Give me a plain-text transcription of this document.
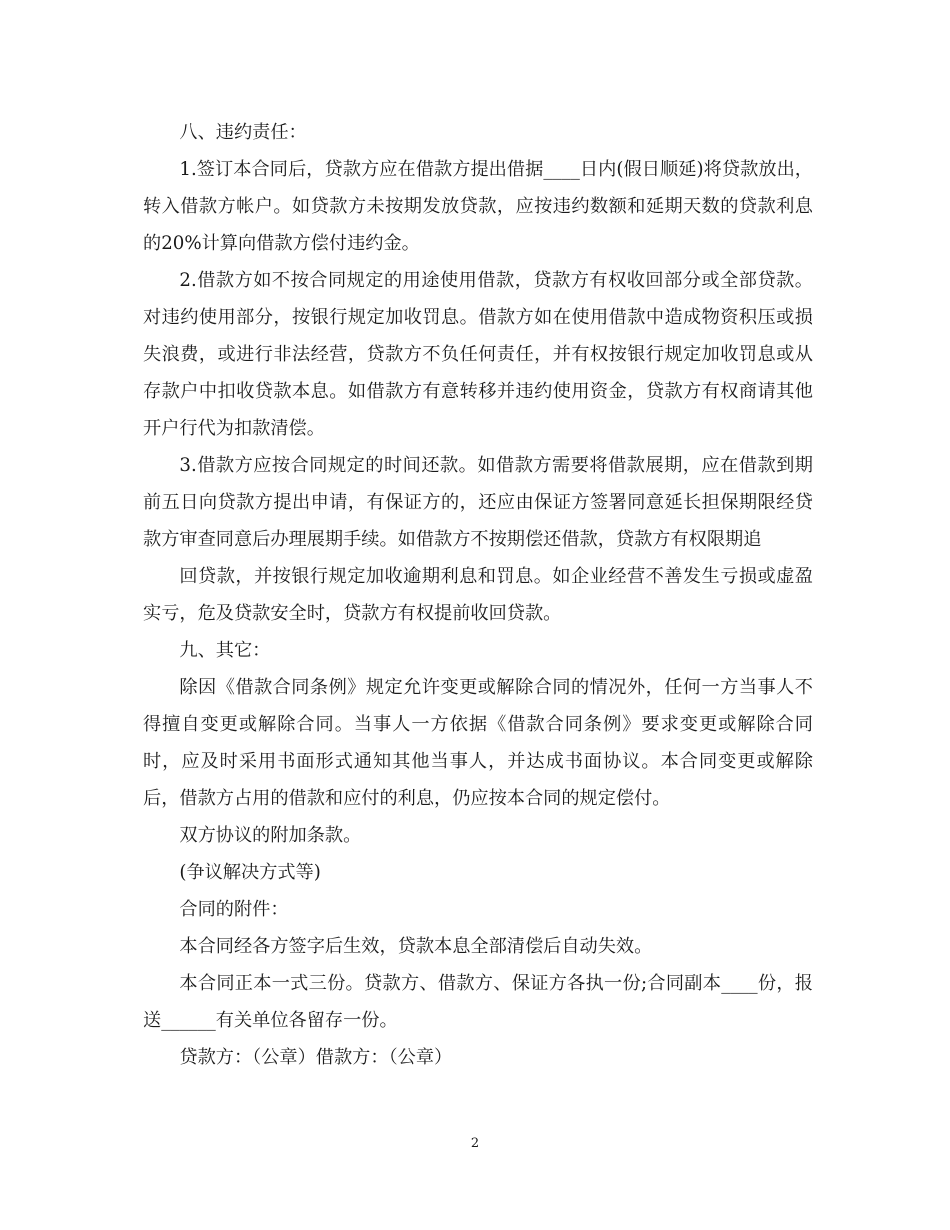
八、违约责任：

1.签订本合同后，贷款方应在借款方提出借据____日内(假日顺延)将贷款放出，转入借款方帐户。如贷款方未按期发放贷款，应按违约数额和延期天数的贷款利息的20%计算向借款方偿付违约金。

2.借款方如不按合同规定的用途使用借款，贷款方有权收回部分或全部贷款。对违约使用部分，按银行规定加收罚息。借款方如在使用借款中造成物资积压或损失浪费，或进行非法经营，贷款方不负任何责任，并有权按银行规定加收罚息或从存款户中扣收贷款本息。如借款方有意转移并违约使用资金，贷款方有权商请其他开户行代为扣款清偿。

3.借款方应按合同规定的时间还款。如借款方需要将借款展期，应在借款到期前五日向贷款方提出申请，有保证方的，还应由保证方签署同意延长担保期限经贷款方审查同意后办理展期手续。如借款方不按期偿还借款，贷款方有权限期追

回贷款，并按银行规定加收逾期利息和罚息。如企业经营不善发生亏损或虚盈实亏，危及贷款安全时，贷款方有权提前收回贷款。

九、其它：

除因《借款合同条例》规定允许变更或解除合同的情况外，任何一方当事人不得擅自变更或解除合同。当事人一方依据《借款合同条例》要求变更或解除合同时，应及时采用书面形式通知其他当事人，并达成书面协议。本合同变更或解除后，借款方占用的借款和应付的利息，仍应按本合同的规定偿付。

双方协议的附加条款。

(争议解决方式等)

合同的附件：

本合同经各方签字后生效，贷款本息全部清偿后自动失效。

本合同正本一式三份。贷款方、借款方、保证方各执一份;合同副本____份，报送______有关单位各留存一份。

贷款方：（公章）借款方：（公章）

2
